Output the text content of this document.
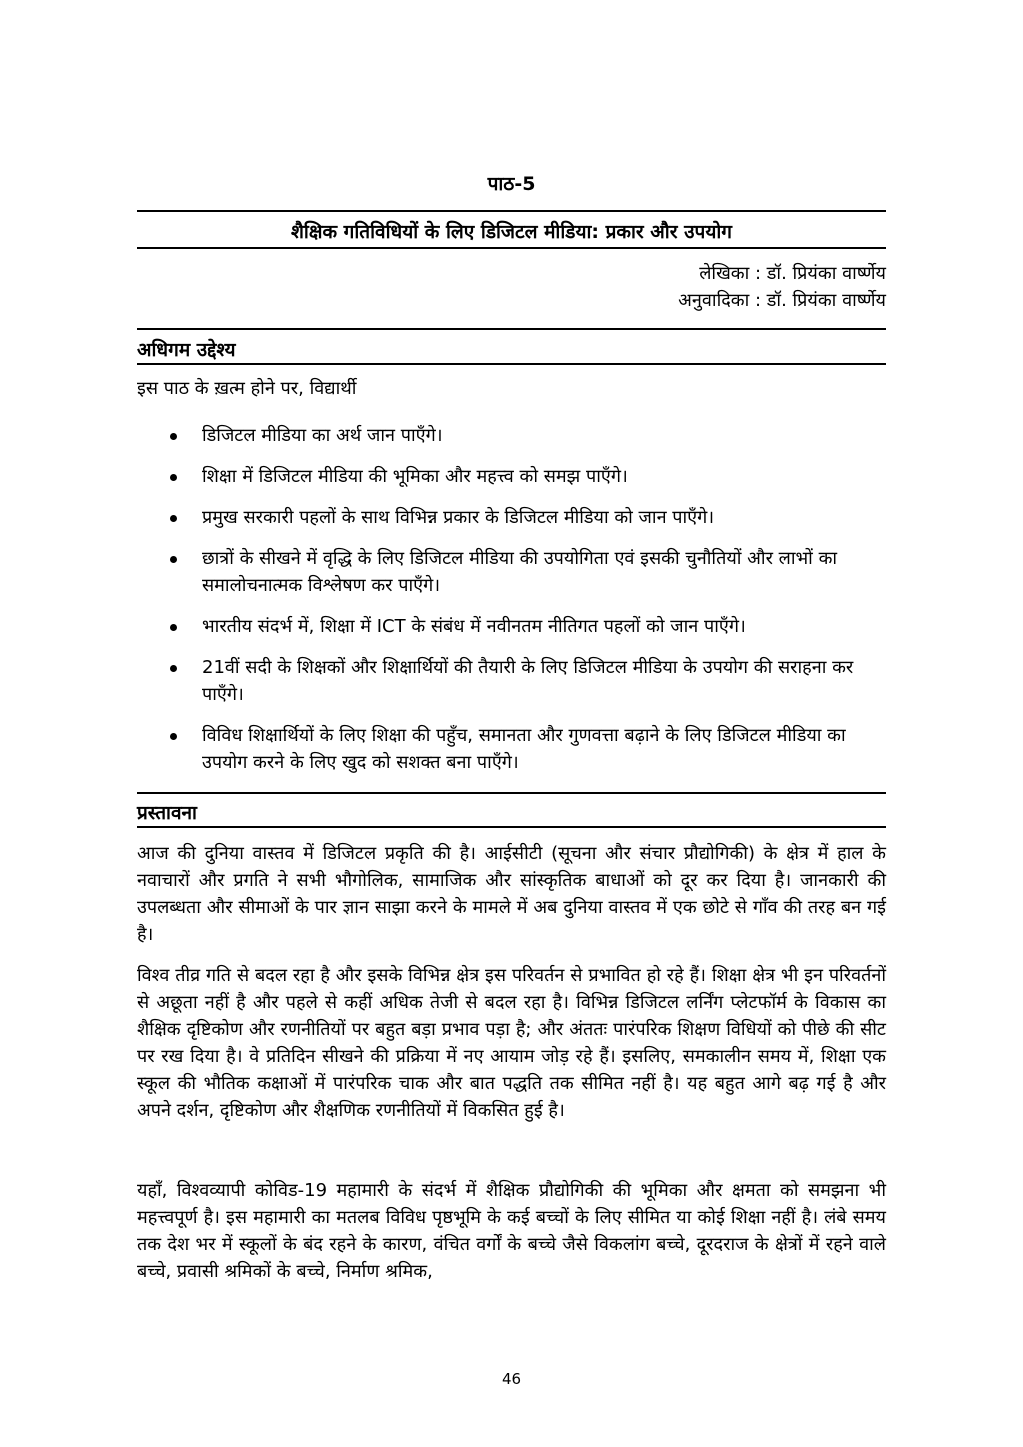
पाठ-5
शैक्षिक गतिविधियों के लिए डिजिटल मीडिया: प्रकार और उपयोग
लेखिका : डॉ. प्रियंका वार्ष्णेय
अनुवादिका : डॉ. प्रियंका वार्ष्णेय
अधिगम उद्देश्य
इस पाठ के ख़त्म होने पर, विद्यार्थी
डिजिटल मीडिया का अर्थ जान पाएँगे।
शिक्षा में डिजिटल मीडिया की भूमिका और महत्त्व को समझ पाएँगे।
प्रमुख सरकारी पहलों के साथ विभिन्न प्रकार के डिजिटल मीडिया को जान पाएँगे।
छात्रों के सीखने में वृद्धि के लिए डिजिटल मीडिया की उपयोगिता एवं इसकी चुनौतियों और लाभों का समालोचनात्मक विश्लेषण कर पाएँगे।
भारतीय संदर्भ में, शिक्षा में ICT के संबंध में नवीनतम नीतिगत पहलों को जान पाएँगे।
21वीं सदी के शिक्षकों और शिक्षार्थियों की तैयारी के लिए डिजिटल मीडिया के उपयोग की सराहना कर पाएँगे।
विविध शिक्षार्थियों के लिए शिक्षा की पहुँच, समानता और गुणवत्ता बढ़ाने के लिए डिजिटल मीडिया का उपयोग करने के लिए खुद को सशक्त बना पाएँगे।
प्रस्तावना

आज की दुनिया वास्तव में डिजिटल प्रकृति की है। आईसीटी (सूचना और संचार प्रौद्योगिकी) के क्षेत्र में हाल के नवाचारों और प्रगति ने सभी भौगोलिक, सामाजिक और सांस्कृतिक बाधाओं को दूर कर दिया है। जानकारी की उपलब्धता और सीमाओं के पार ज्ञान साझा करने के मामले में अब दुनिया वास्तव में एक छोटे से गाँव की तरह बन गई है।

विश्व तीव्र गति से बदल रहा है और इसके विभिन्न क्षेत्र इस परिवर्तन से प्रभावित हो रहे हैं। शिक्षा क्षेत्र भी इन परिवर्तनों से अछूता नहीं है और पहले से कहीं अधिक तेजी से बदल रहा है। विभिन्न डिजिटल लर्निंग प्लेटफॉर्म के विकास का शैक्षिक दृष्टिकोण और रणनीतियों पर बहुत बड़ा प्रभाव पड़ा है; और अंततः पारंपरिक शिक्षण विधियों को पीछे की सीट पर रख दिया है। वे प्रतिदिन सीखने की प्रक्रिया में नए आयाम जोड़ रहे हैं। इसलिए, समकालीन समय में, शिक्षा एक स्कूल की भौतिक कक्षाओं में पारंपरिक चाक और बात पद्धति तक सीमित नहीं है। यह बहुत आगे बढ़ गई है और अपने दर्शन, दृष्टिकोण और शैक्षणिक रणनीतियों में विकसित हुई है।

यहाँ, विश्वव्यापी कोविड-19 महामारी के संदर्भ में शैक्षिक प्रौद्योगिकी की भूमिका और क्षमता को समझना भी महत्त्वपूर्ण है। इस महामारी का मतलब विविध पृष्ठभूमि के कई बच्चों के लिए सीमित या कोई शिक्षा नहीं है। लंबे समय तक देश भर में स्कूलों के बंद रहने के कारण, वंचित वर्गों के बच्चे जैसे विकलांग बच्चे, दूरदराज के क्षेत्रों में रहने वाले बच्चे, प्रवासी श्रमिकों के बच्चे, निर्माण श्रमिक,

46
